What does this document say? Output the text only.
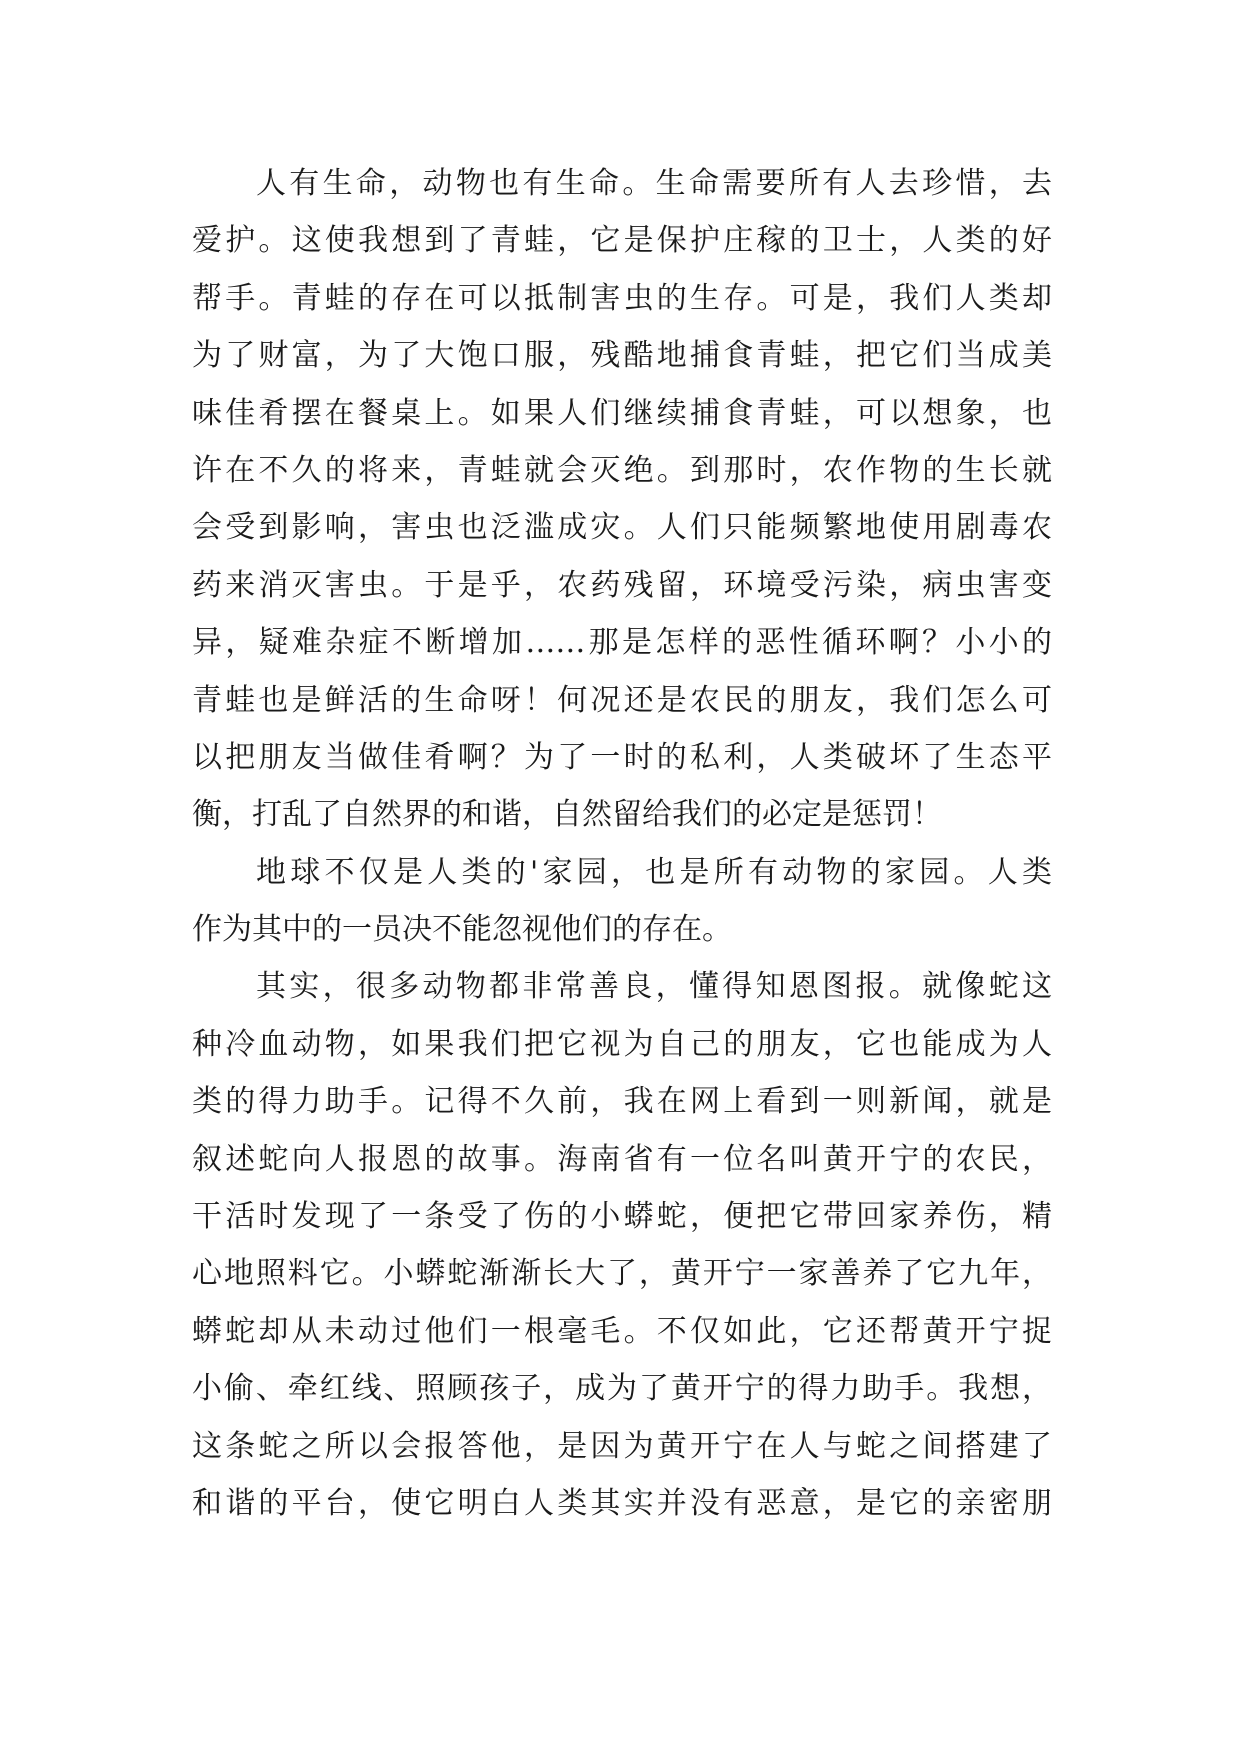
人有生命，动物也有生命。生命需要所有人去珍惜，去
爱护。这使我想到了青蛙，它是保护庄稼的卫士，人类的好
帮手。青蛙的存在可以抵制害虫的生存。可是，我们人类却
为了财富，为了大饱口服，残酷地捕食青蛙，把它们当成美
味佳肴摆在餐桌上。如果人们继续捕食青蛙，可以想象，也
许在不久的将来，青蛙就会灭绝。到那时，农作物的生长就
会受到影响，害虫也泛滥成灾。人们只能频繁地使用剧毒农
药来消灭害虫。于是乎，农药残留，环境受污染，病虫害变
异，疑难杂症不断增加……那是怎样的恶性循环啊？小小的
青蛙也是鲜活的生命呀！何况还是农民的朋友，我们怎么可
以把朋友当做佳肴啊？为了一时的私利，人类破坏了生态平
衡，打乱了自然界的和谐，自然留给我们的必定是惩罚！
地球不仅是人类的'家园，也是所有动物的家园。人类
作为其中的一员决不能忽视他们的存在。
其实，很多动物都非常善良，懂得知恩图报。就像蛇这
种冷血动物，如果我们把它视为自己的朋友，它也能成为人
类的得力助手。记得不久前，我在网上看到一则新闻，就是
叙述蛇向人报恩的故事。海南省有一位名叫黄开宁的农民，
干活时发现了一条受了伤的小蟒蛇，便把它带回家养伤，精
心地照料它。小蟒蛇渐渐长大了，黄开宁一家善养了它九年，
蟒蛇却从未动过他们一根毫毛。不仅如此，它还帮黄开宁捉
小偷、牵红线、照顾孩子，成为了黄开宁的得力助手。我想，
这条蛇之所以会报答他，是因为黄开宁在人与蛇之间搭建了
和谐的平台，使它明白人类其实并没有恶意，是它的亲密朋
